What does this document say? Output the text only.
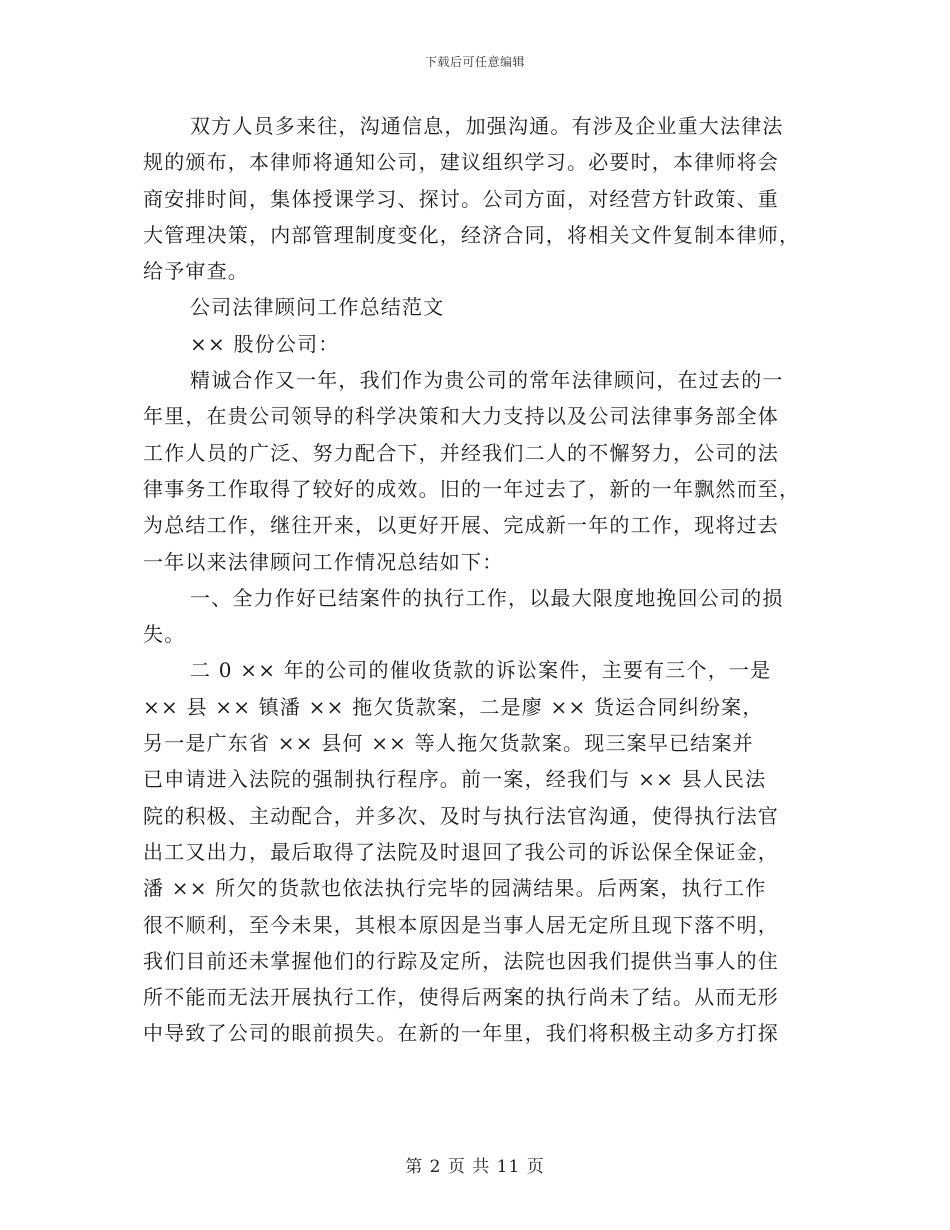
下载后可任意编辑
双方人员多来往，沟通信息，加强沟通。有涉及企业重大法律法
规的颁布，本律师将通知公司，建议组织学习。必要时，本律师将会
商安排时间，集体授课学习、探讨。公司方面，对经营方针政策、重
大管理决策，内部管理制度变化，经济合同，将相关文件复制本律师，
给予审查。
公司法律顾问工作总结范文
×× 股份公司：
精诚合作又一年，我们作为贵公司的常年法律顾问，在过去的一
年里，在贵公司领导的科学决策和大力支持以及公司法律事务部全体
工作人员的广泛、努力配合下，并经我们二人的不懈努力，公司的法
律事务工作取得了较好的成效。旧的一年过去了，新的一年飘然而至，
为总结工作，继往开来，以更好开展、完成新一年的工作，现将过去
一年以来法律顾问工作情况总结如下：
一、全力作好已结案件的执行工作，以最大限度地挽回公司的损
失。
二 0 ×× 年的公司的催收货款的诉讼案件，主要有三个，一是
×× 县 ×× 镇潘 ×× 拖欠货款案，二是廖 ×× 货运合同纠纷案，
另一是广东省 ×× 县何 ×× 等人拖欠货款案。现三案早已结案并
已申请进入法院的强制执行程序。前一案，经我们与 ×× 县人民法
院的积极、主动配合，并多次、及时与执行法官沟通，使得执行法官
出工又出力，最后取得了法院及时退回了我公司的诉讼保全保证金，
潘 ×× 所欠的货款也依法执行完毕的园满结果。后两案，执行工作
很不顺利，至今未果，其根本原因是当事人居无定所且现下落不明，
我们目前还未掌握他们的行踪及定所，法院也因我们提供当事人的住
所不能而无法开展执行工作，使得后两案的执行尚未了结。从而无形
中导致了公司的眼前损失。在新的一年里，我们将积极主动多方打探
第 2 页 共 11 页
